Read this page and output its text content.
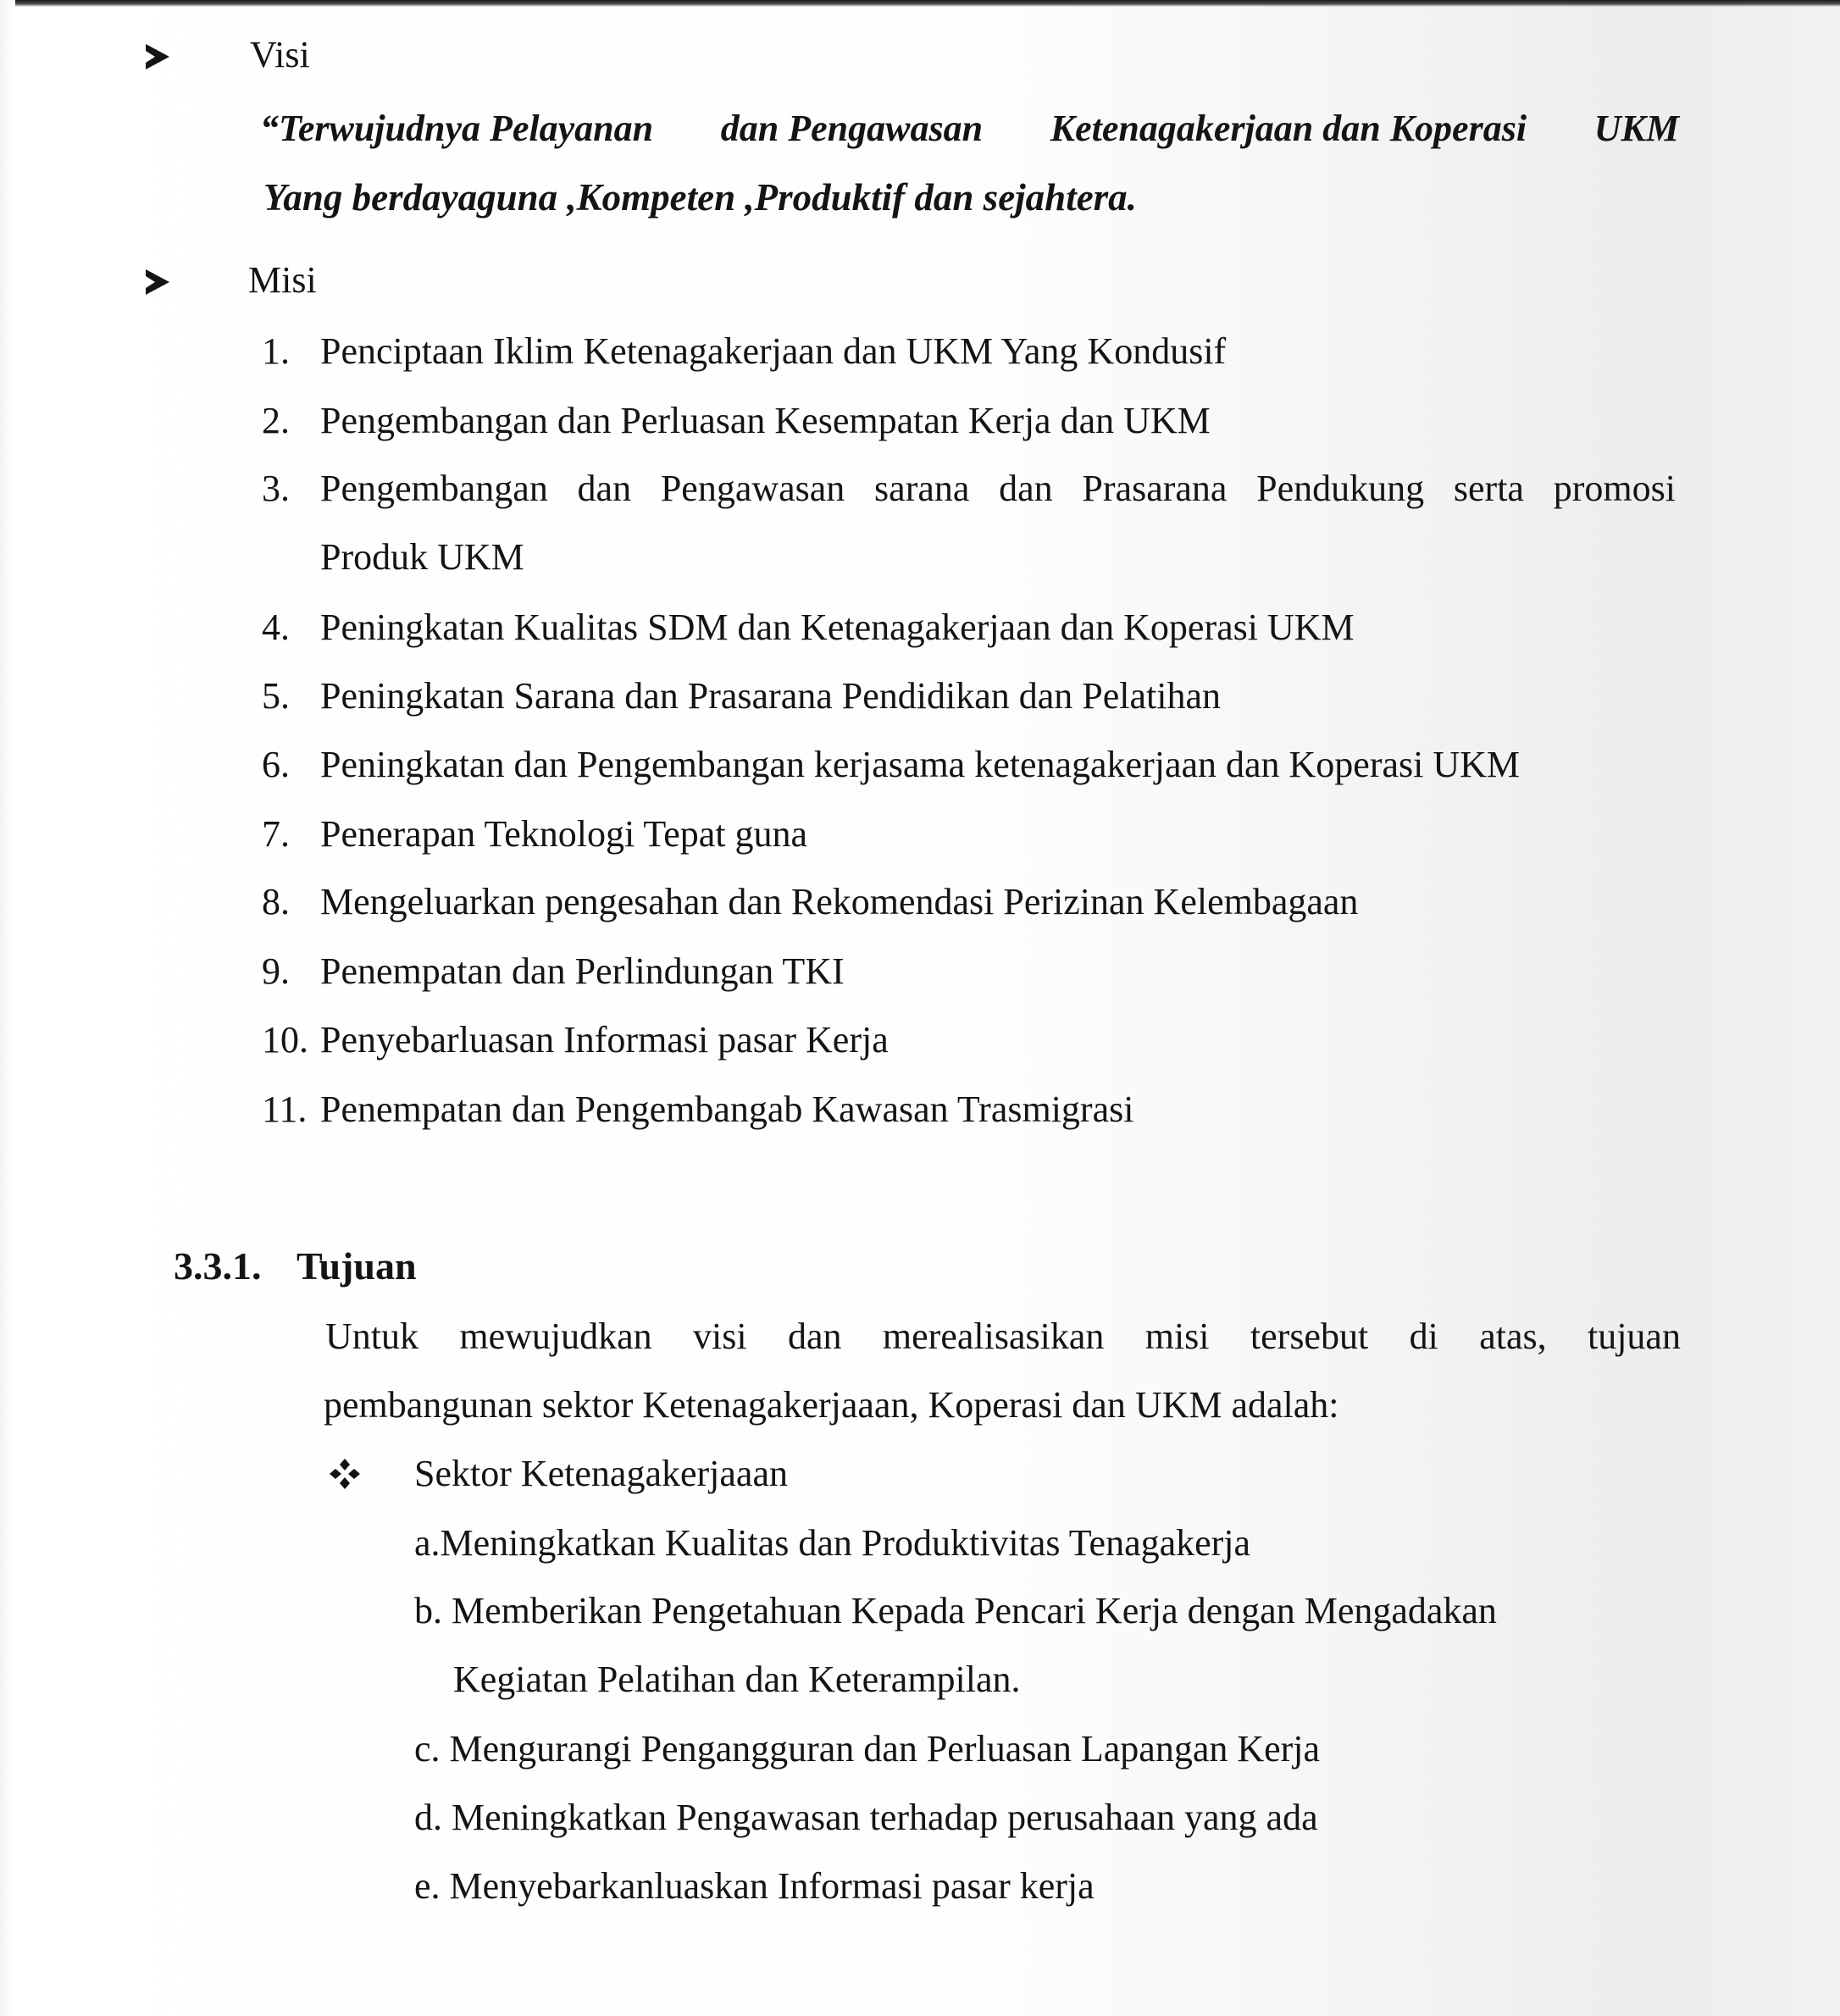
Visi
“Terwujudnya Pelayanan dan Pengawasan Ketenagakerjaan dan Koperasi UKM
Yang berdayaguna ,Kompeten ,Produktif dan sejahtera.
Misi
1. Penciptaan Iklim Ketenagakerjaan dan UKM Yang Kondusif
2. Pengembangan dan Perluasan Kesempatan Kerja dan UKM
3. Pengembangan dan Pengawasan sarana dan Prasarana Pendukung serta promosi
Produk UKM
4. Peningkatan Kualitas SDM dan Ketenagakerjaan dan Koperasi UKM
5. Peningkatan Sarana dan Prasarana Pendidikan dan Pelatihan
6. Peningkatan dan Pengembangan kerjasama ketenagakerjaan dan Koperasi UKM
7. Penerapan Teknologi Tepat guna
8. Mengeluarkan pengesahan dan Rekomendasi Perizinan Kelembagaan
9. Penempatan dan Perlindungan TKI
10. Penyebarluasan Informasi pasar Kerja
11. Penempatan dan Pengembangab Kawasan Trasmigrasi
3.3.1. Tujuan
Untuk mewujudkan visi dan merealisasikan misi tersebut di atas, tujuan
pembangunan sektor Ketenagakerjaaan, Koperasi dan UKM adalah:
Sektor Ketenagakerjaaan
a.Meningkatkan Kualitas dan Produktivitas Tenagakerja
b. Memberikan Pengetahuan Kepada Pencari Kerja dengan Mengadakan
Kegiatan Pelatihan dan Keterampilan.
c. Mengurangi Pengangguran dan Perluasan Lapangan Kerja
d. Meningkatkan Pengawasan terhadap perusahaan yang ada
e. Menyebarkanluaskan Informasi pasar kerja
